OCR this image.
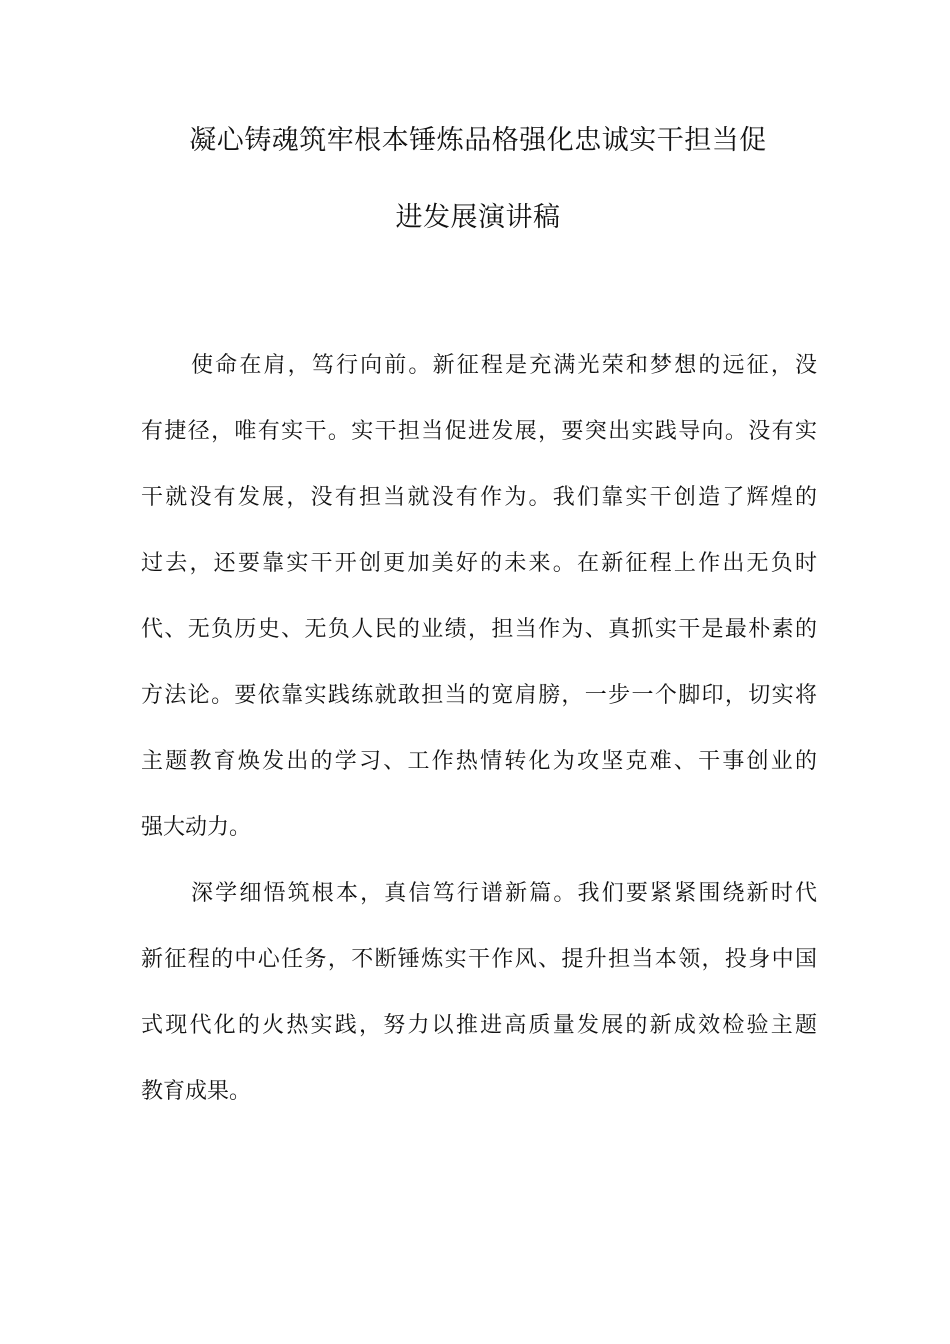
凝心铸魂筑牢根本锤炼品格强化忠诚实干担当促
进发展演讲稿

使命在肩，笃行向前。新征程是充满光荣和梦想的远征，没

有捷径，唯有实干。实干担当促进发展，要突出实践导向。没有实

干就没有发展，没有担当就没有作为。我们靠实干创造了辉煌的

过去，还要靠实干开创更加美好的未来。在新征程上作出无负时

代、无负历史、无负人民的业绩，担当作为、真抓实干是最朴素的

方法论。要依靠实践练就敢担当的宽肩膀，一步一个脚印，切实将

主题教育焕发出的学习、工作热情转化为攻坚克难、干事创业的

强大动力。

深学细悟筑根本，真信笃行谱新篇。我们要紧紧围绕新时代

新征程的中心任务，不断锤炼实干作风、提升担当本领，投身中国

式现代化的火热实践，努力以推进高质量发展的新成效检验主题

教育成果。
